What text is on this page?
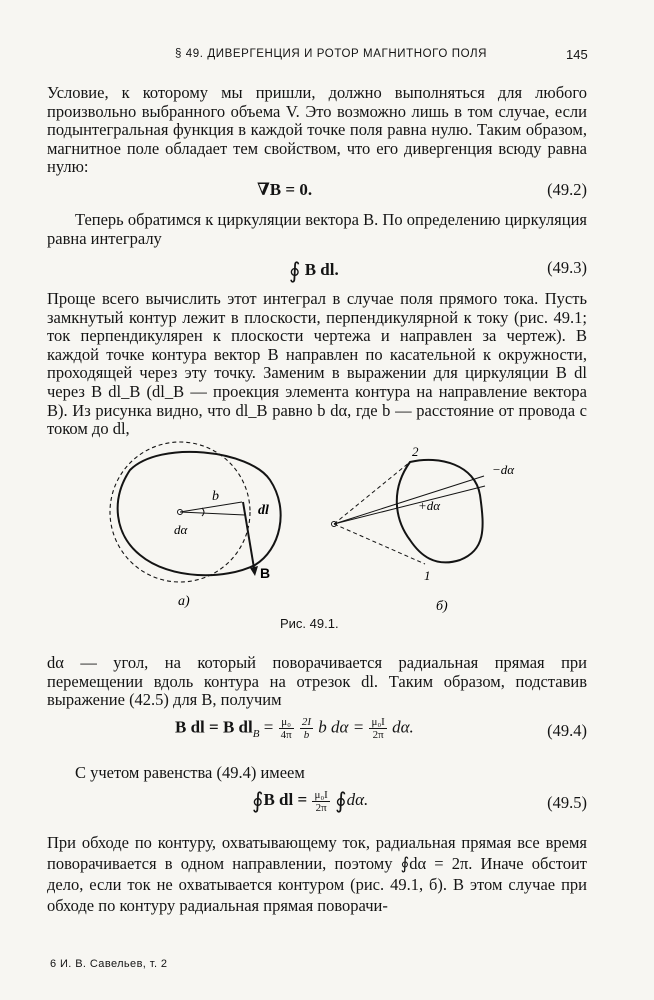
§ 49. ДИВЕРГЕНЦИЯ И РОТОР МАГНИТНОГО ПОЛЯ	145

Условие, к которому мы пришли, должно выполняться для любого произвольно выбранного объема V. Это возможно лишь в том случае, если подынтегральная функция в каждой точке поля равна нулю. Таким образом, магнитное поле обладает тем свойством, что его дивергенция всюду равна нулю:

∇B = 0.	(49.2)

Теперь обратимся к циркуляции вектора B. По определению циркуляция равна интегралу

∮ B dl.	(49.3)

Проще всего вычислить этот интеграл в случае поля прямого тока. Пусть замкнутый контур лежит в плоскости, перпендикулярной к току (рис. 49.1; ток перпендикулярен к плоскости чертежа и направлен за чертеж). В каждой точке контура вектор B направлен по касательной к окружности, проходящей через эту точку. Заменим в выражении для циркуляции B dl через B dl_B (dl_B — проекция элемента контура на направление вектора B). Из рисунка видно, что dl_B равно b dα, где b — расстояние от провода с током до dl,

b
dα
dl
B
а)
2
1
−dα
+dα
б)
Рис. 49.1.

dα — угол, на который поворачивается радиальная прямая при перемещении вдоль контура на отрезок dl. Таким образом, подставив выражение (42.5) для B, получим

B dl = B $dl_B = \frac{\text{μ₀}}{4\pi}$
$\frac{2I}{b}$ b $d\alpha = \frac{\text{μ₀I}}{2\pi} d\alpha$.	(49.4)

С учетом равенства (49.4) имеем

∮B dl = $\frac{\text{μ₀I}}{2\pi}$ ∮dα.	(49.5)

При обходе по контуру, охватывающему ток, радиальная прямая все время поворачивается в одном направлении, поэтому ∮dα = 2π. Иначе обстоит дело, если ток не охватывается контуром (рис. 49.1, б). В этом случае при обходе по контуру радиальная прямая поворачи-

6 И. В. Савельев, т. 2
